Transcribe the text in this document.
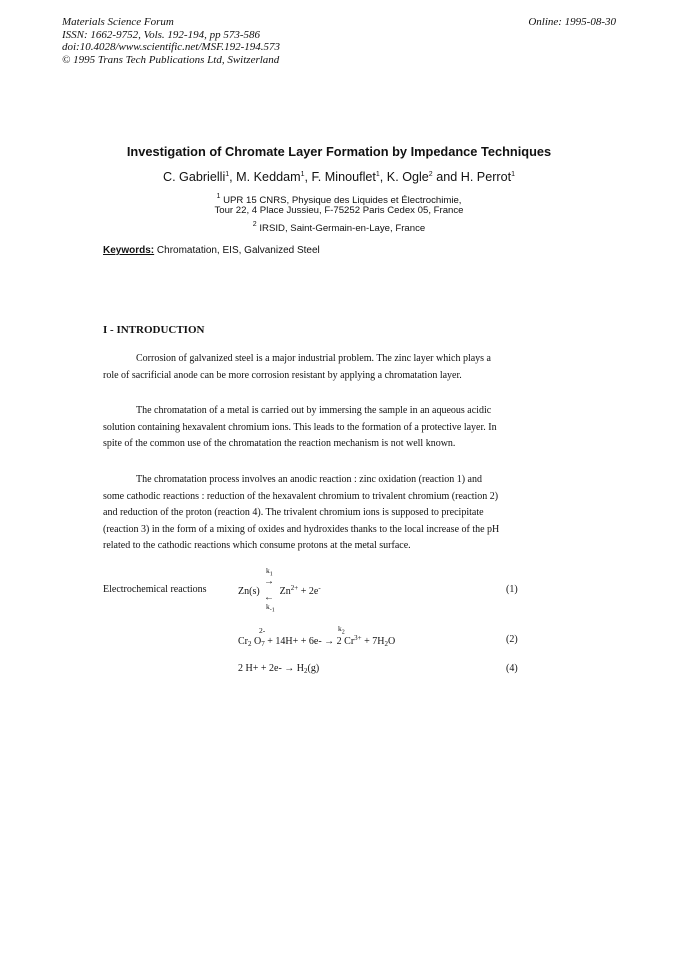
Materials Science Forum
ISSN: 1662-9752, Vols. 192-194, pp 573-586
doi:10.4028/www.scientific.net/MSF.192-194.573
© 1995 Trans Tech Publications Ltd, Switzerland
Online: 1995-08-30
Investigation of Chromate Layer Formation by Impedance Techniques
C. Gabrielli$^1$, M. Keddam$^1$, F. Minouflet$^1$, K. Ogle$^2$ and H. Perrot$^1$
$^1$ UPR 15 CNRS, Physique des Liquides et Électrochimie,
Tour 22, 4 Place Jussieu, F-75252 Paris Cedex 05, France
$^2$ IRSID, Saint-Germain-en-Laye, France
Keywords: Chromatation, EIS, Galvanized Steel
I - INTRODUCTION
Corrosion of galvanized steel is a major industrial problem. The zinc layer which plays a
role of sacrificial anode can be more corrosion resistant by applying a chromatation layer.
The chromatation of a metal is carried out by immersing the sample in an aqueous acidic
solution containing hexavalent chromium ions. This leads to the formation of a protective layer. In
spite of the common use of the chromatation the reaction mechanism is not well known.
The chromatation process involves an anodic reaction : zinc oxidation (reaction 1) and
some cathodic reactions : reduction of the hexavalent chromium to trivalent chromium (reaction 2)
and reduction of the proton (reaction 4). The trivalent chromium ions is supposed to precipitate
(reaction 3) in the form of a mixing of oxides and hydroxides thanks to the local increase of the pH
related to the cathodic reactions which consume protons at the metal surface.
Electrochemical reactions
$k_1$
→
Zn(s) $Zn^{2+} + 2e^-$
←
$k_{-1}$
(1)
$k_2$
2-
$Cr_2$ $O_7 + 14H+ + 6e- \to 2$ $Cr^{3+} + 7H_2O$	(2)
2 $H+ + 2e- \to H_2(g)$	(4)
